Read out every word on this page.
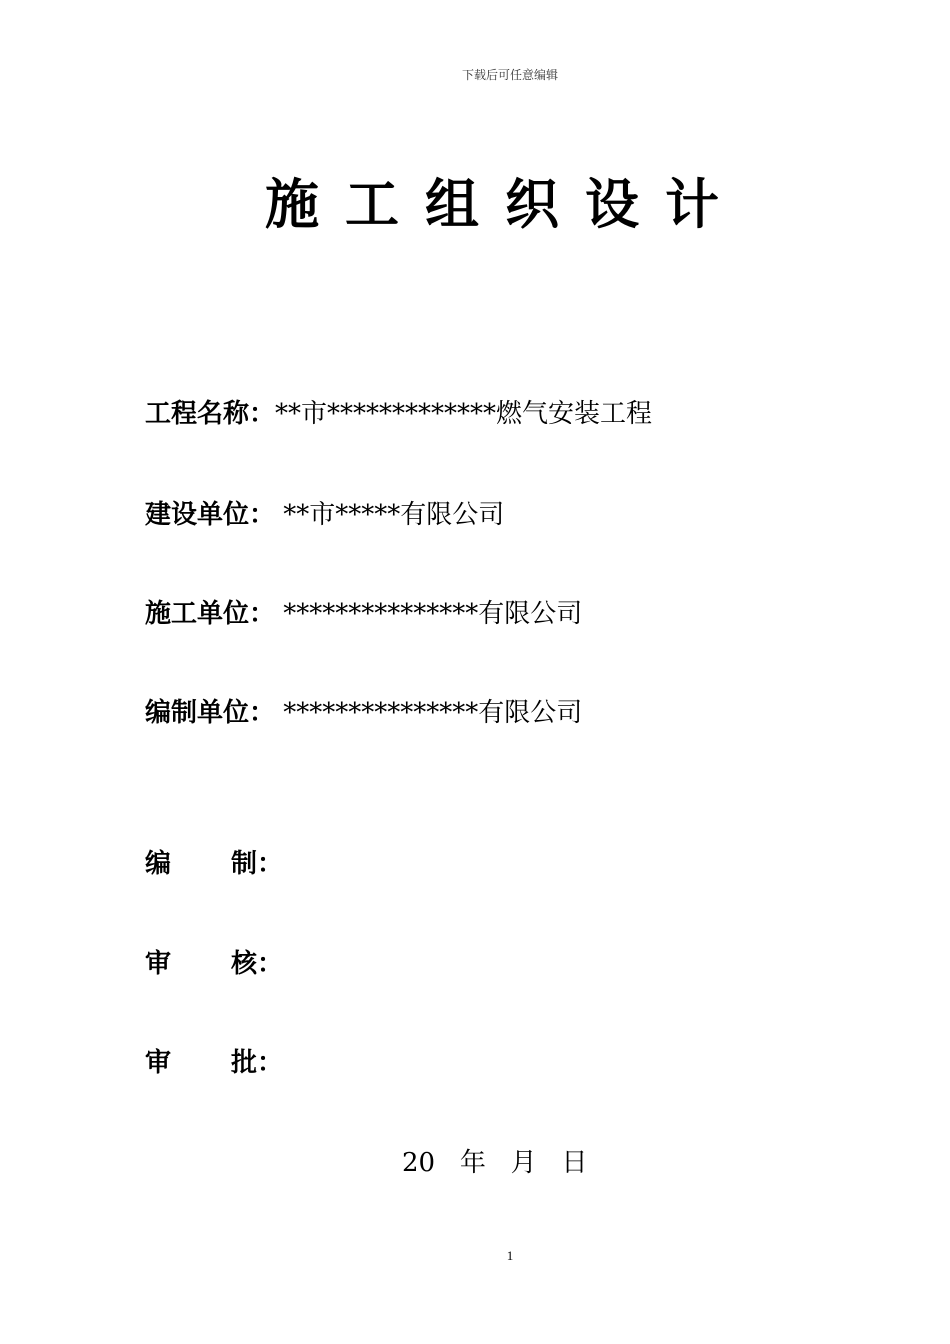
下载后可任意编辑
施工组织设计
工程名称：**市*************燃气安装工程
建设单位： **市*****有限公司
施工单位： ***************有限公司
编制单位： ***************有限公司
编 制：
审 核：
审 批：
20   年   月   日
1
